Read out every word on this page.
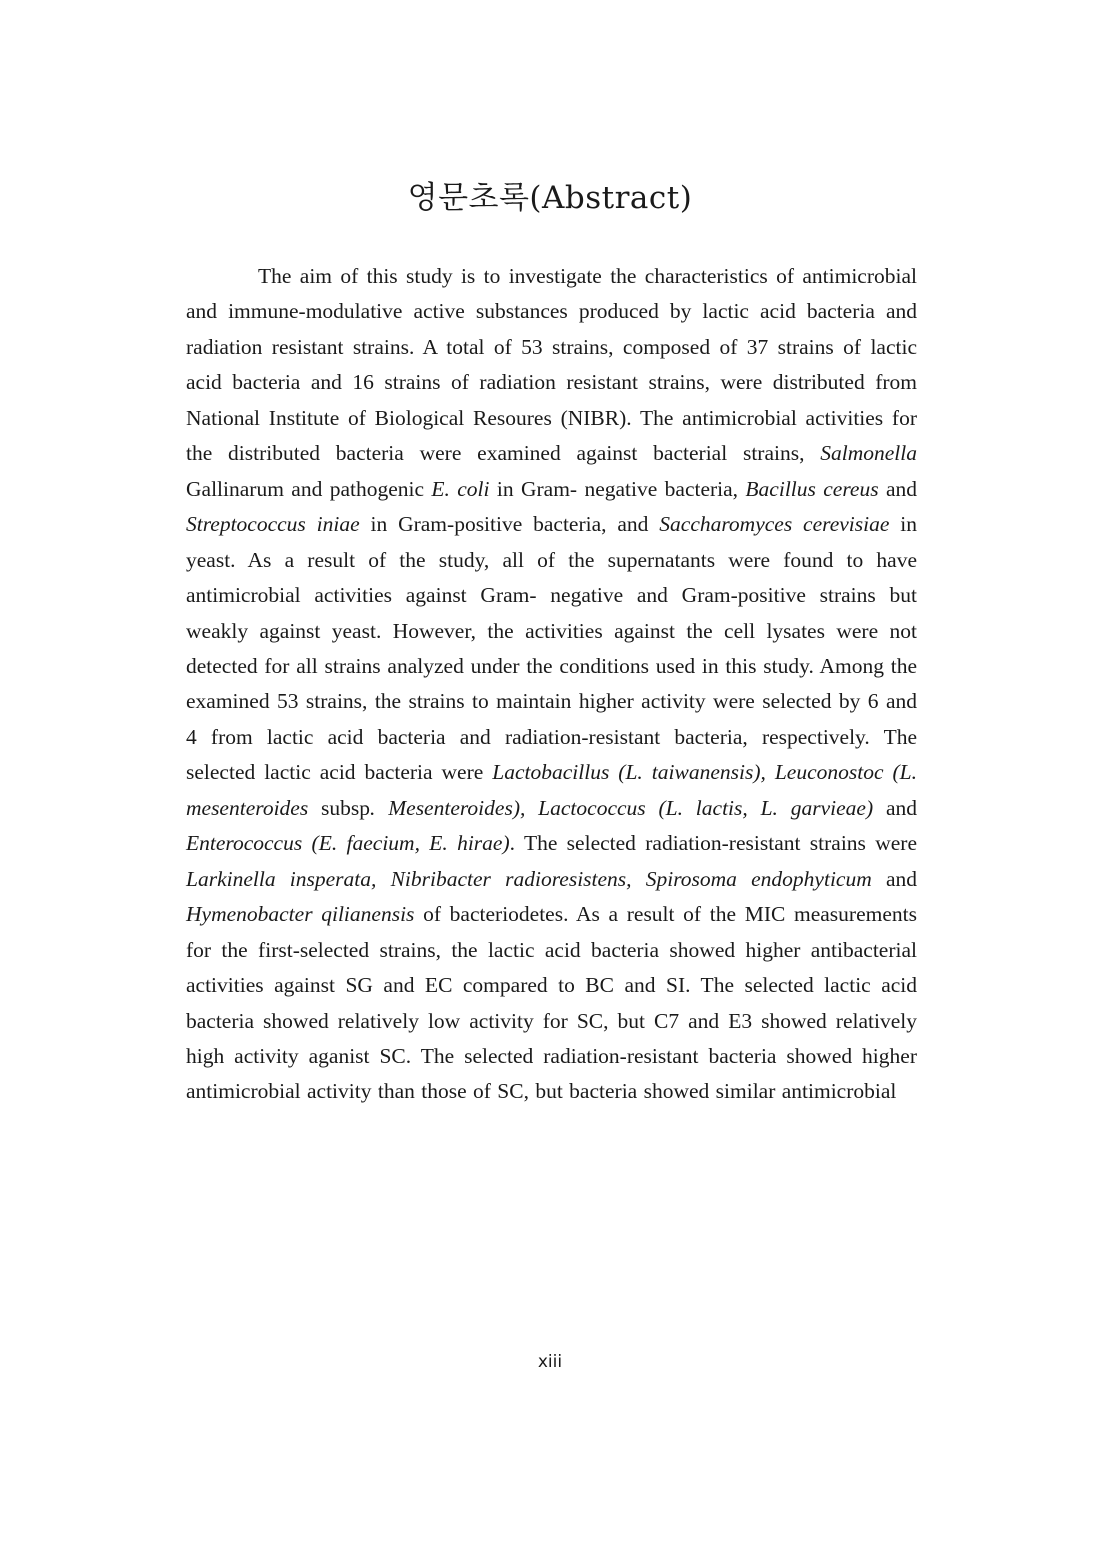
영문초록(Abstract)

The aim of this study is to investigate the characteristics of antimicrobial and immune-modulative active substances produced by lactic acid bacteria and radiation resistant strains. A total of 53 strains, composed of 37 strains of lactic acid bacteria and 16 strains of radiation resistant strains, were distributed from National Institute of Biological Resoures (NIBR). The antimicrobial activities for the distributed bacteria were examined against bacterial strains, Salmonella Gallinarum and pathogenic E. coli in Gram- negative bacteria, Bacillus cereus and Streptococcus iniae in Gram-positive bacteria, and Saccharomyces cerevisiae in yeast. As a result of the study, all of the supernatants were found to have antimicrobial activities against Gram- negative and Gram-positive strains but weakly against yeast. However, the activities against the cell lysates were not detected for all strains analyzed under the conditions used in this study. Among the examined 53 strains, the strains to maintain higher activity were selected by 6 and 4 from lactic acid bacteria and radiation-resistant bacteria, respectively. The selected lactic acid bacteria were Lactobacillus (L. taiwanensis), Leuconostoc (L. mesenteroides subsp. Mesenteroides), Lactococcus (L. lactis, L. garvieae) and Enterococcus (E. faecium, E. hirae). The selected radiation-resistant strains were Larkinella insperata, Nibribacter radioresistens, Spirosoma endophyticum and Hymenobacter qilianensis of bacteriodetes. As a result of the MIC measurements for the first-selected strains, the lactic acid bacteria showed higher antibacterial activities against SG and EC compared to BC and SI. The selected lactic acid bacteria showed relatively low activity for SC, but C7 and E3 showed relatively high activity aganist SC. The selected radiation-resistant bacteria showed higher antimicrobial activity than those of SC, but bacteria showed similar antimicrobial

xiii
